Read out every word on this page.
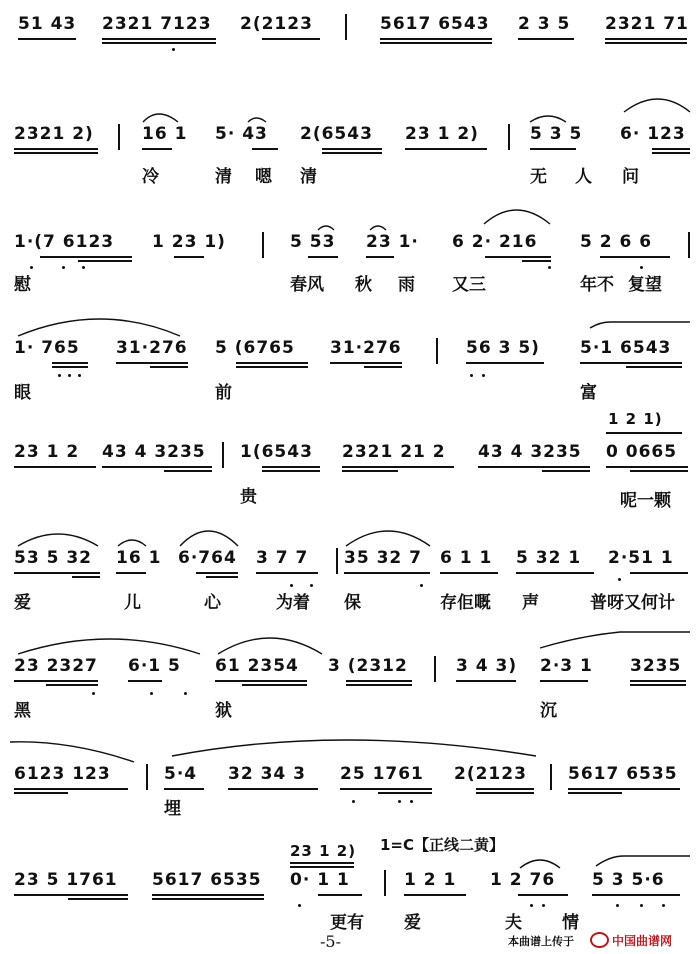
51 43 2321 7123 2(2123	5617 6543 2 3 5 2321 71
2321 2)	16 1 5· 43 2(6543 23 1 2)	5 3 5 6· 123
冷	清 嗯 清	无 人 问
1·(7 6123 1 23 1)	5 53 23 1· 6 2· 216	5 2 6 6
慰	春风 秋 雨 又三	年不 复望
1· 765 31·276 5 (6765 31·276	56 3 5) 5·1 6543
眼	前	富
1 2 1)
23 1 2 43 4 3235 1(6543 2321 21 2 43 4 3235 0 0665
贵	呢一颗
53 5 32 16 1 6·764 3 7 7 35 32 7 6 1 1 5 32 1 2·51 1
爱	儿	心	为着 保	存佢嘅 声	普呀又何计
23 2327 6·1 5 61 2354 3 (2312	3 4 3) 2·3 1 3235
黑	狱	沉
6123 123	5·4 32 34 3 25 1761 2(2123 5617 6535
埋
23 1 2) 1=C【正线二黄】
23 5 1761 5617 6535 0· 1 1	1 2 1 1 2 76 5 3 5·6
更有 爱	夫 情
-5-	本曲谱上传于	中国曲谱网
